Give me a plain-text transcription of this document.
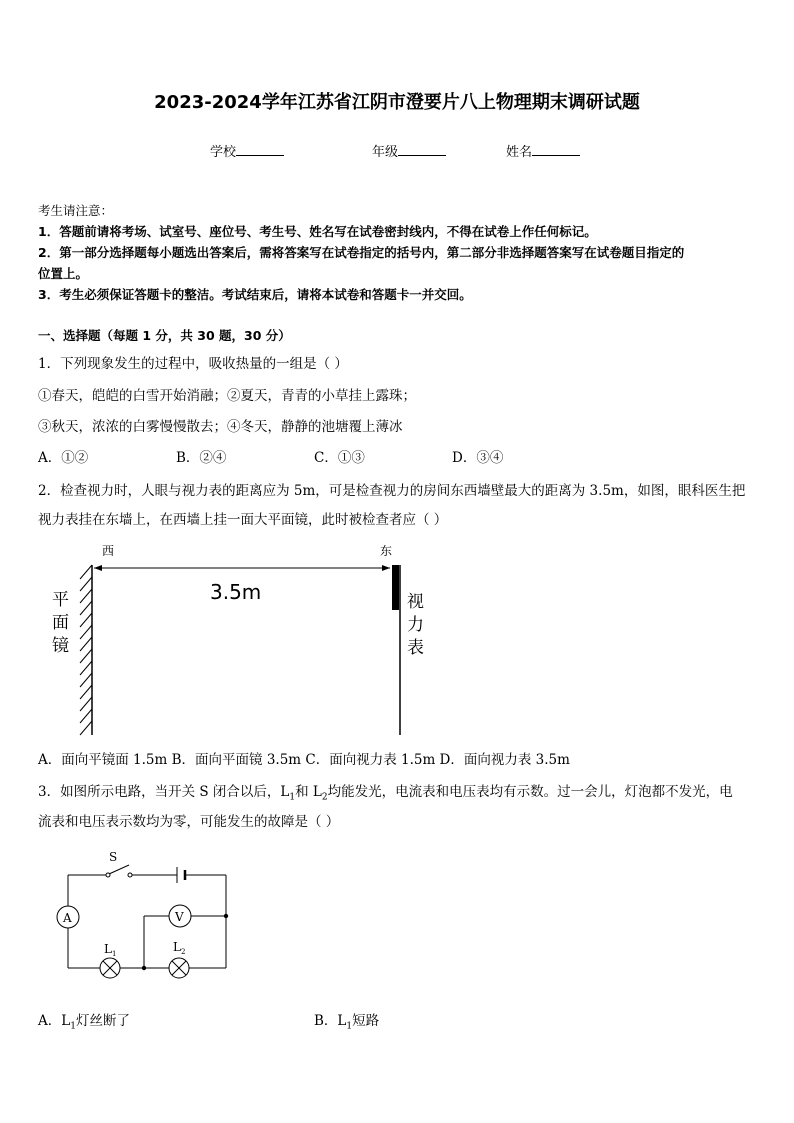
2023-2024学年江苏省江阴市澄要片八上物理期末调研试题
学校	年级	姓名
考生请注意：
1．答题前请将考场、试室号、座位号、考生号、姓名写在试卷密封线内，不得在试卷上作任何标记。
2．第一部分选择题每小题选出答案后，需将答案写在试卷指定的括号内，第二部分非选择题答案写在试卷题目指定的
位置上。
3．考生必须保证答题卡的整洁。考试结束后，请将本试卷和答题卡一并交回。
一、选择题（每题 1 分，共 30 题，30 分）
1．下列现象发生的过程中，吸收热量的一组是（ ）
①春天，皑皑的白雪开始消融；②夏天，青青的小草挂上露珠；
③秋天，浓浓的白雾慢慢散去；④冬天，静静的池塘覆上薄冰
A．①②	B．②④	C．①③	D．③④
2．检查视力时，人眼与视力表的距离应为 5m，可是检查视力的房间东西墙壁最大的距离为 3.5m，如图，眼科医生把
视力表挂在东墙上，在西墙上挂一面大平面镜，此时被检查者应（ ）
西	东
3.5m
平
面
镜
视
力
表
A．面向平镜面 1.5m B．面向平面镜 3.5m C．面向视力表 1.5m D．面向视力表 3.5m
3．如图所示电路，当开关 S 闭合以后，$L_1$和 $L_2$均能发光，电流表和电压表均有示数。过一会儿，灯泡都不发光，电
流表和电压表示数均为零，可能发生的故障是（ ）
A	V
S
L 1	L 2
A．$L_1$灯丝断了	B．$L_1$短路
